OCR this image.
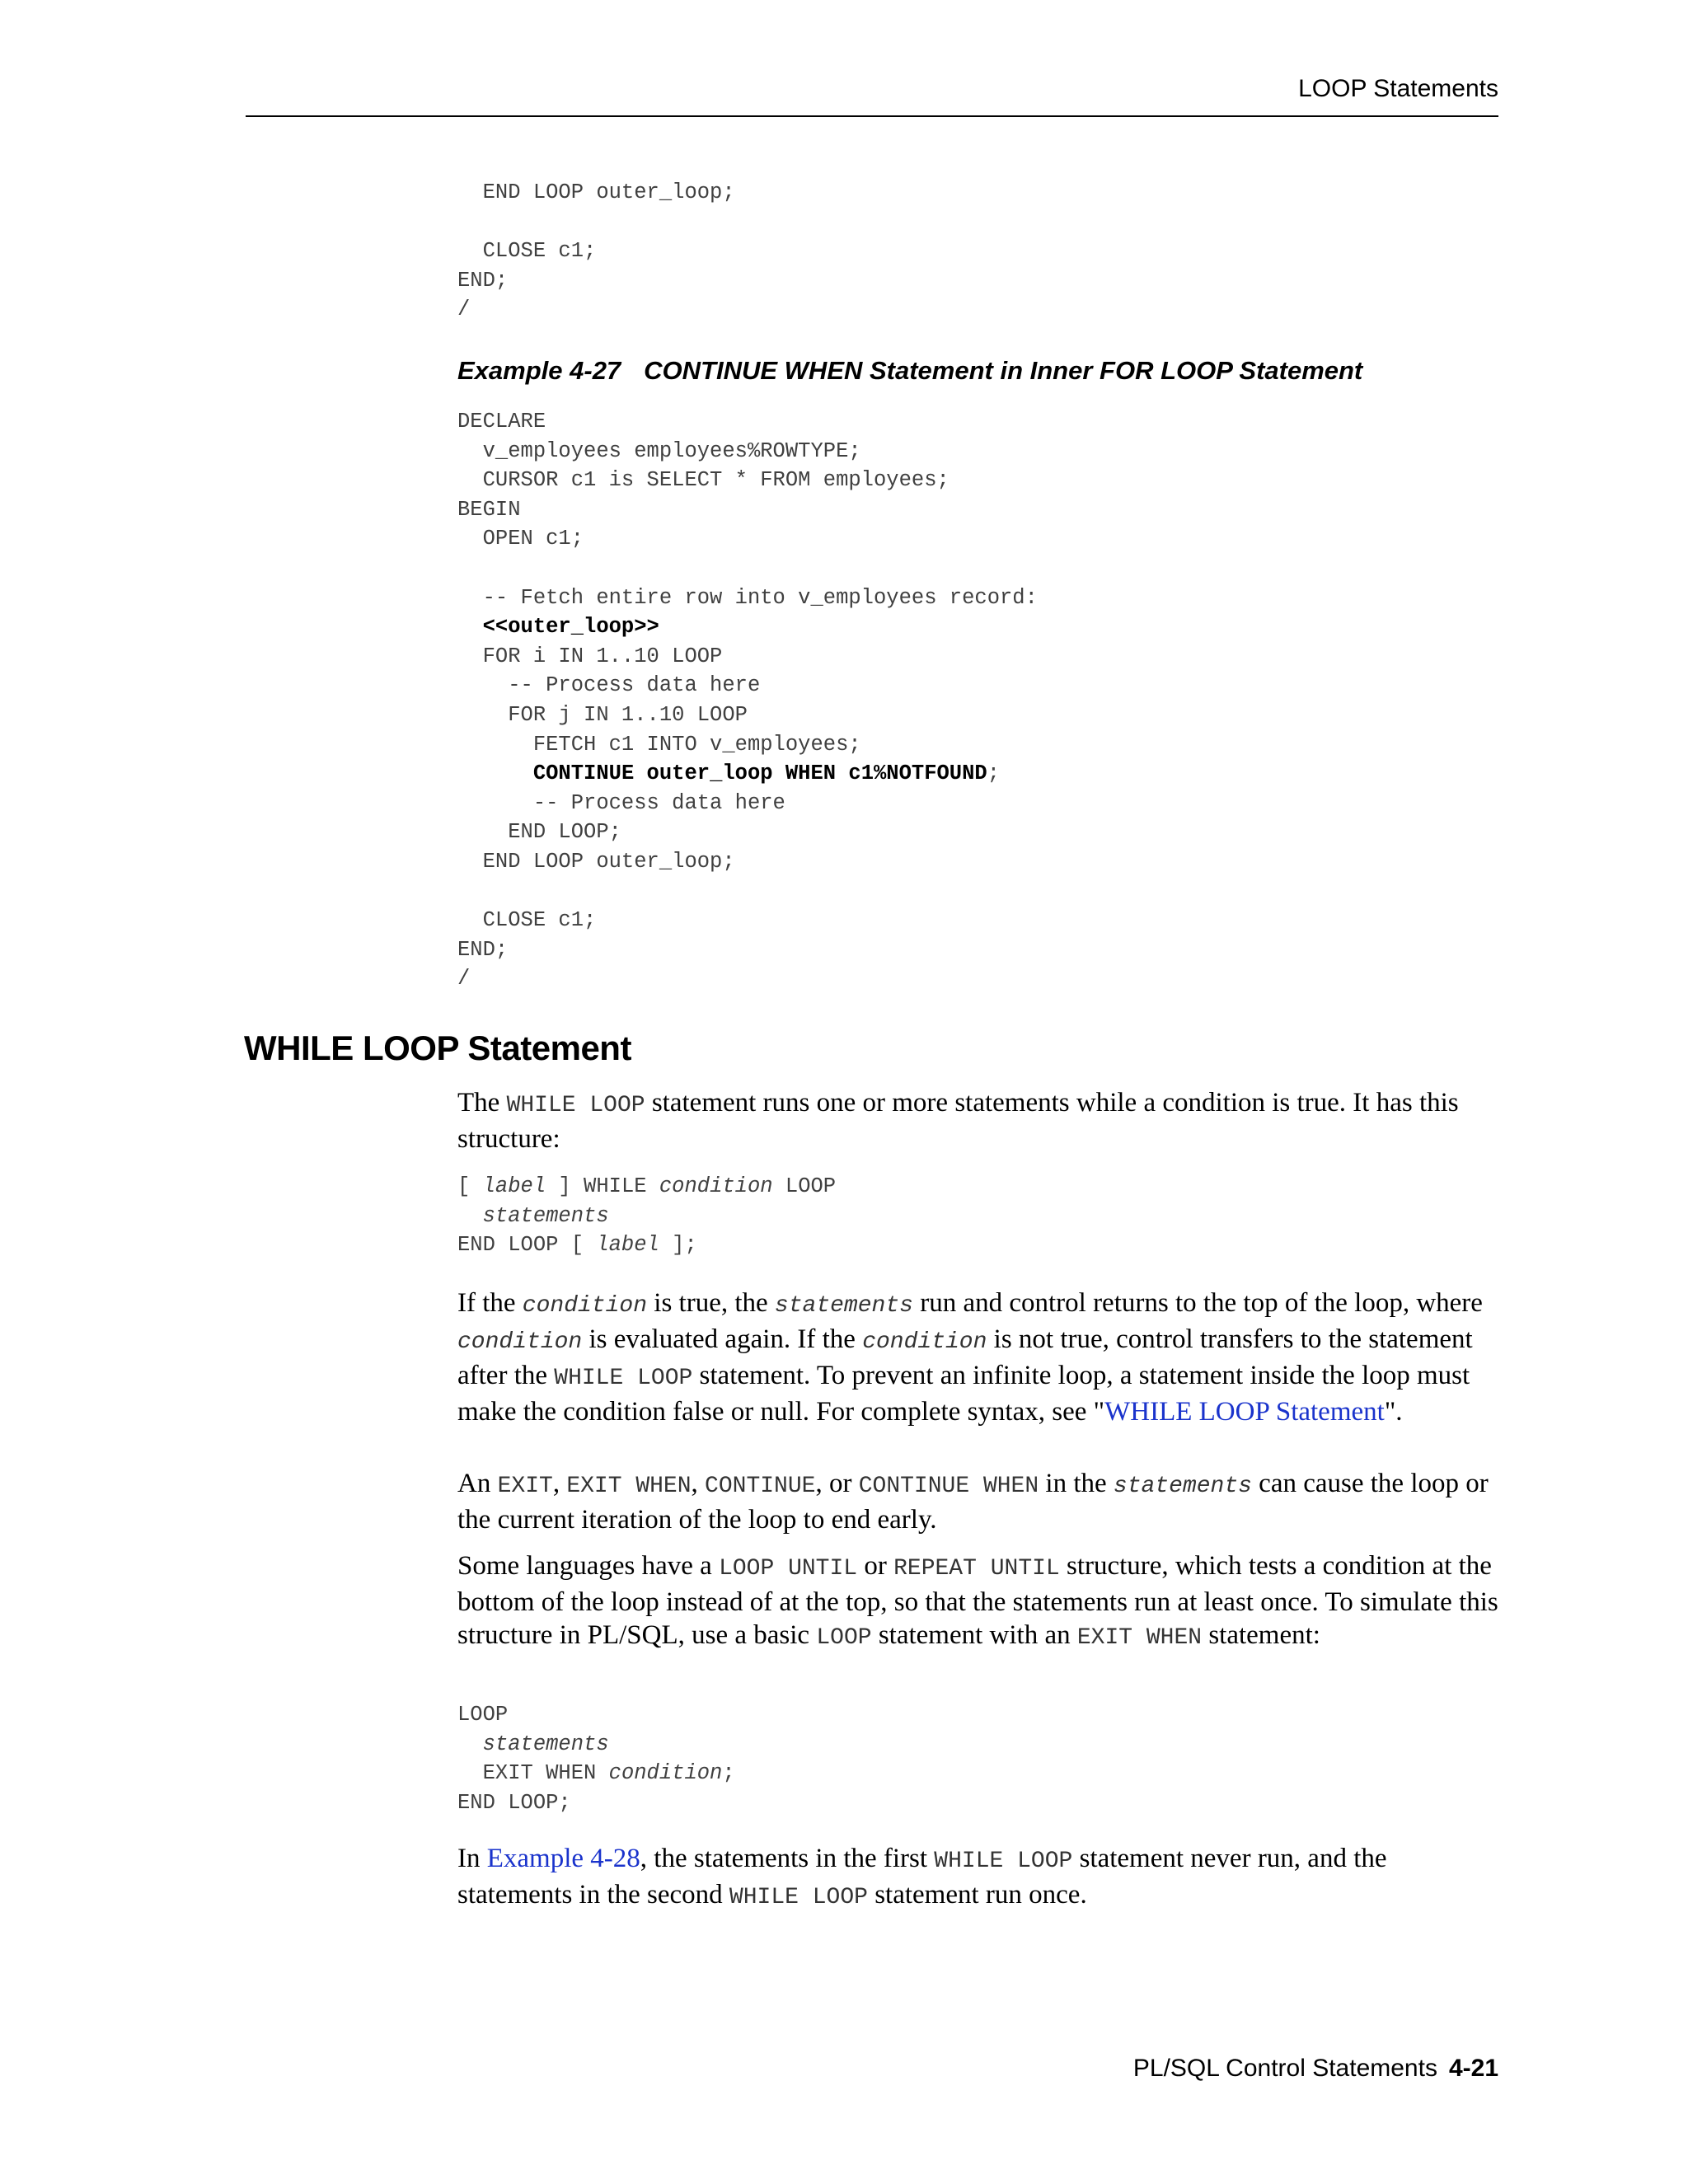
LOOP Statements
END LOOP outer_loop;

CLOSE c1;
END;
/
Example 4-27 CONTINUE WHEN Statement in Inner FOR LOOP Statement
DECLARE
v_employees employees%ROWTYPE;
CURSOR c1 is SELECT * FROM employees;
BEGIN
OPEN c1;

-- Fetch entire row into v_employees record:
<<outer_loop>>
FOR i IN 1..10 LOOP
-- Process data here
FOR j IN 1..10 LOOP
FETCH c1 INTO v_employees;
CONTINUE outer_loop WHEN c1%NOTFOUND;
-- Process data here
END LOOP;
END LOOP outer_loop;

CLOSE c1;
END;
/
WHILE LOOP Statement

The WHILE LOOP statement runs one or more statements while a condition is true. It has this structure:

[ label ] WHILE condition LOOP
statements
END LOOP [ label ];

If the condition is true, the statements run and control returns to the top of the loop, where condition is evaluated again. If the condition is not true, control transfers to the statement after the WHILE LOOP statement. To prevent an infinite loop, a statement inside the loop must make the condition false or null. For complete syntax, see "WHILE LOOP Statement".

An EXIT, EXIT WHEN, CONTINUE, or CONTINUE WHEN in the statements can cause the loop or the current iteration of the loop to end early.

Some languages have a LOOP UNTIL or REPEAT UNTIL structure, which tests a condition at the bottom of the loop instead of at the top, so that the statements run at least once. To simulate this structure in PL/SQL, use a basic LOOP statement with an EXIT WHEN statement:

LOOP
statements
EXIT WHEN condition;
END LOOP;

In Example 4-28, the statements in the first WHILE LOOP statement never run, and the statements in the second WHILE LOOP statement run once.

PL/SQL Control Statements 4-21
